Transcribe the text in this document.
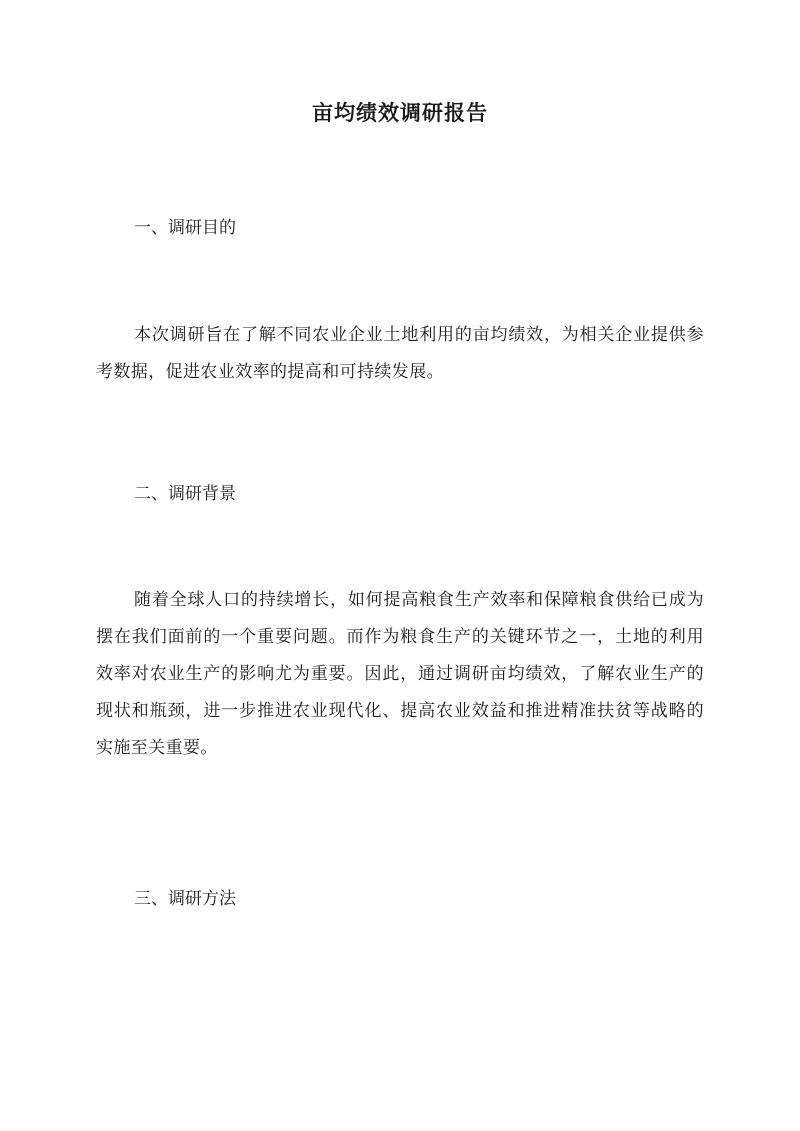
亩均绩效调研报告
一、调研目的
本次调研旨在了解不同农业企业土地利用的亩均绩效，为相关企业提供参考数据，促进农业效率的提高和可持续发展。
二、调研背景
随着全球人口的持续增长，如何提高粮食生产效率和保障粮食供给已成为摆在我们面前的一个重要问题。而作为粮食生产的关键环节之一，土地的利用效率对农业生产的影响尤为重要。因此，通过调研亩均绩效，了解农业生产的现状和瓶颈，进一步推进农业现代化、提高农业效益和推进精准扶贫等战略的实施至关重要。
三、调研方法
